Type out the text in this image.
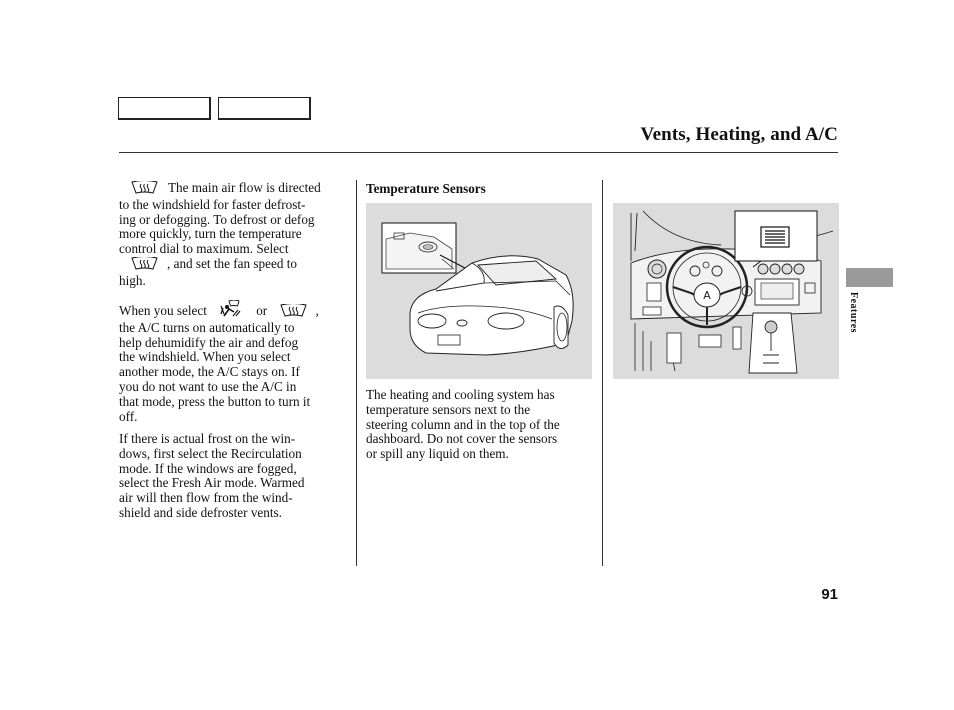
Vents, Heating, and A/C
The main air flow is directed
to the windshield for faster defrost-
ing or defogging. To defrost or defog
more quickly, turn the temperature
control dial to maximum. Select
, and set the fan speed to
high.
When you select	or	,
the A/C turns on automatically to
help dehumidify the air and defog
the windshield. When you select
another mode, the A/C stays on. If
you do not want to use the A/C in
that mode, press the button to turn it
off.
If there is actual frost on the win-
dows, first select the Recirculation
mode. If the windows are fogged,
select the Fresh Air mode. Warmed
air will then flow from the wind-
shield and side defroster vents.
Temperature Sensors
The heating and cooling system has
temperature sensors next to the
steering column and in the top of the
dashboard. Do not cover the sensors
or spill any liquid on them.
A	Features
91
